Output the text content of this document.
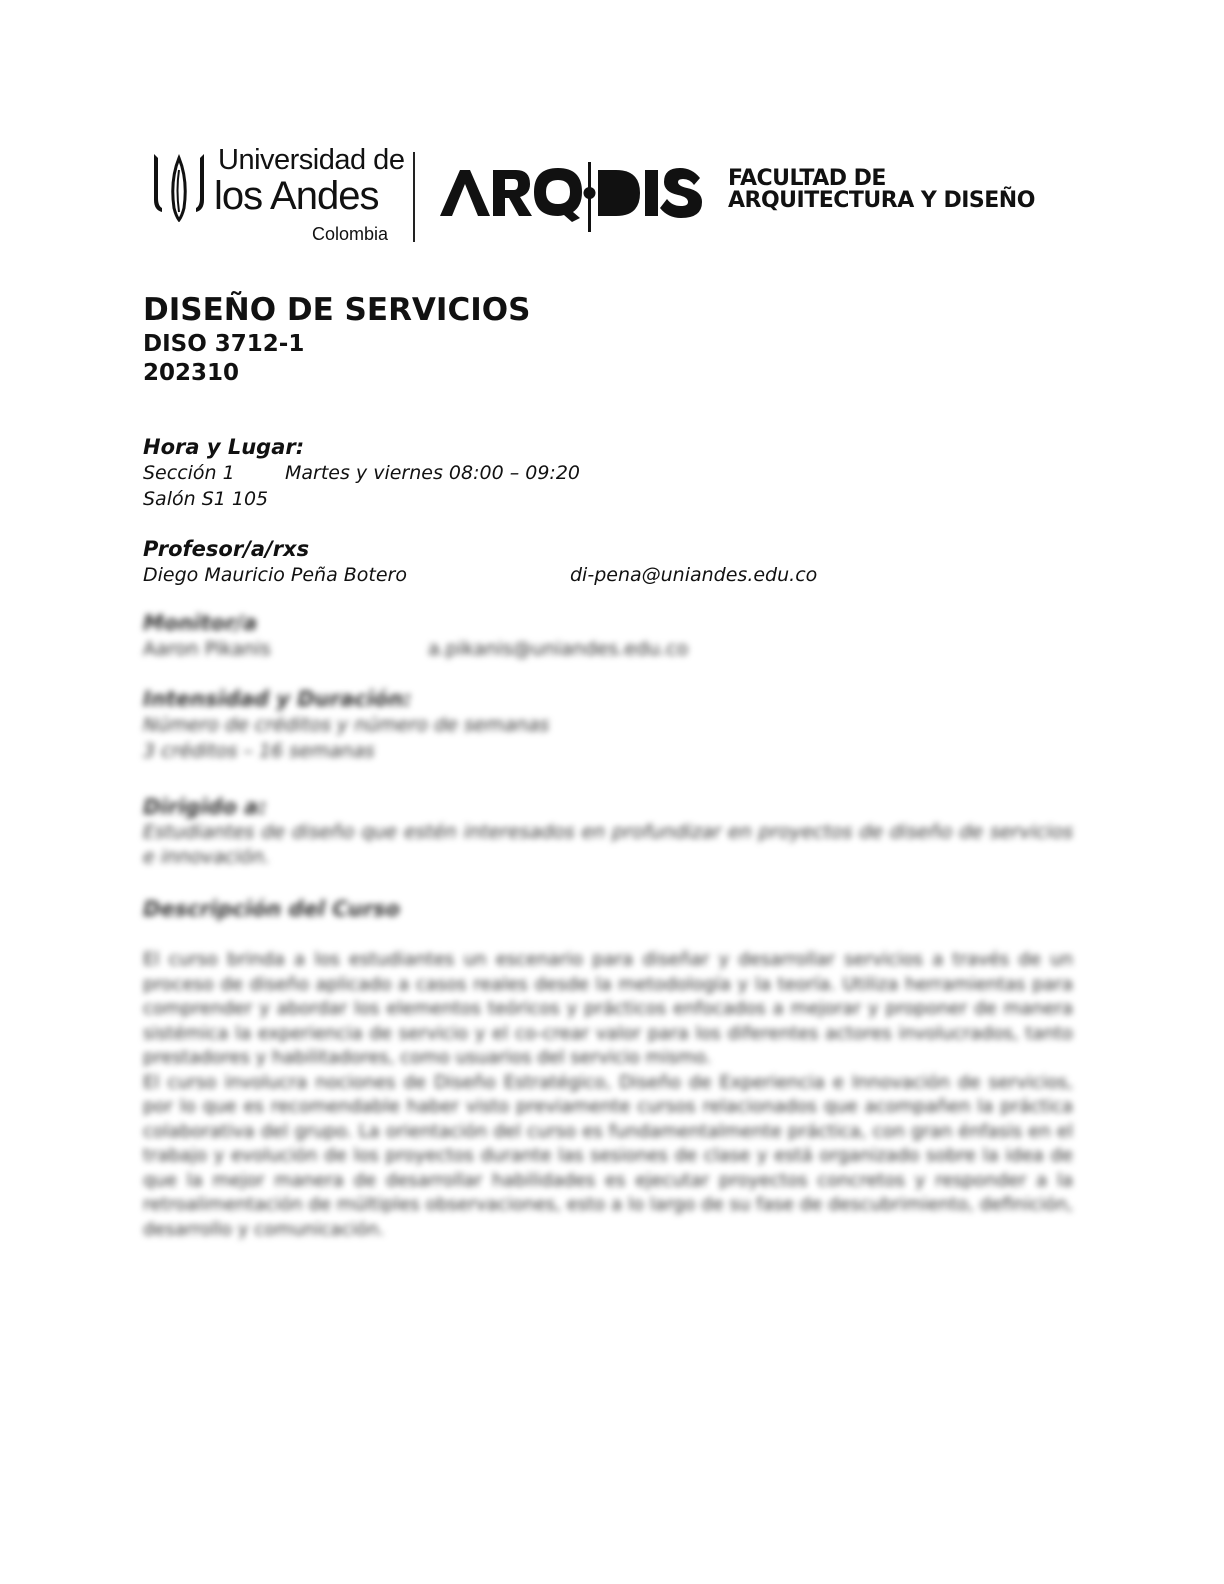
Universidad de
los Andes
Colombia
FACULTAD DE
ARQUITECTURA Y DISEÑO
DISEÑO DE SERVICIOS
DISO 3712-1
202310
Hora y Lugar:
Sección 1	Martes y viernes 08:00 – 09:20
Salón S1 105
Profesor/a/rxs
Diego Mauricio Peña Botero	di-pena@uniandes.edu.co
Monitor/a
Aaron Pikanis	a.pikanis@uniandes.edu.co
Intensidad y Duración:
Número de créditos y número de semanas
3 créditos – 16 semanas
Dirigido a:

Estudiantes de diseño que estén interesados en profundizar en proyectos de diseño de servicios e innovación.

Descripción del Curso

El curso brinda a los estudiantes un escenario para diseñar y desarrollar servicios a través de un proceso de diseño aplicado a casos reales desde la metodología y la teoría. Utiliza herramientas para comprender y abordar los elementos teóricos y prácticos enfocados a mejorar y proponer de manera sistémica la experiencia de servicio y el co-crear valor para los diferentes actores involucrados, tanto prestadores y habilitadores, como usuarios del servicio mismo.

El curso involucra nociones de Diseño Estratégico, Diseño de Experiencia e Innovación de servicios, por lo que es recomendable haber visto previamente cursos relacionados que acompañen la práctica colaborativa del grupo. La orientación del curso es fundamentalmente práctica, con gran énfasis en el trabajo y evolución de los proyectos durante las sesiones de clase y está organizado sobre la idea de que la mejor manera de desarrollar habilidades es ejecutar proyectos concretos y responder a la retroalimentación de múltiples observaciones, esto a lo largo de su fase de descubrimiento, definición, desarrollo y comunicación.
